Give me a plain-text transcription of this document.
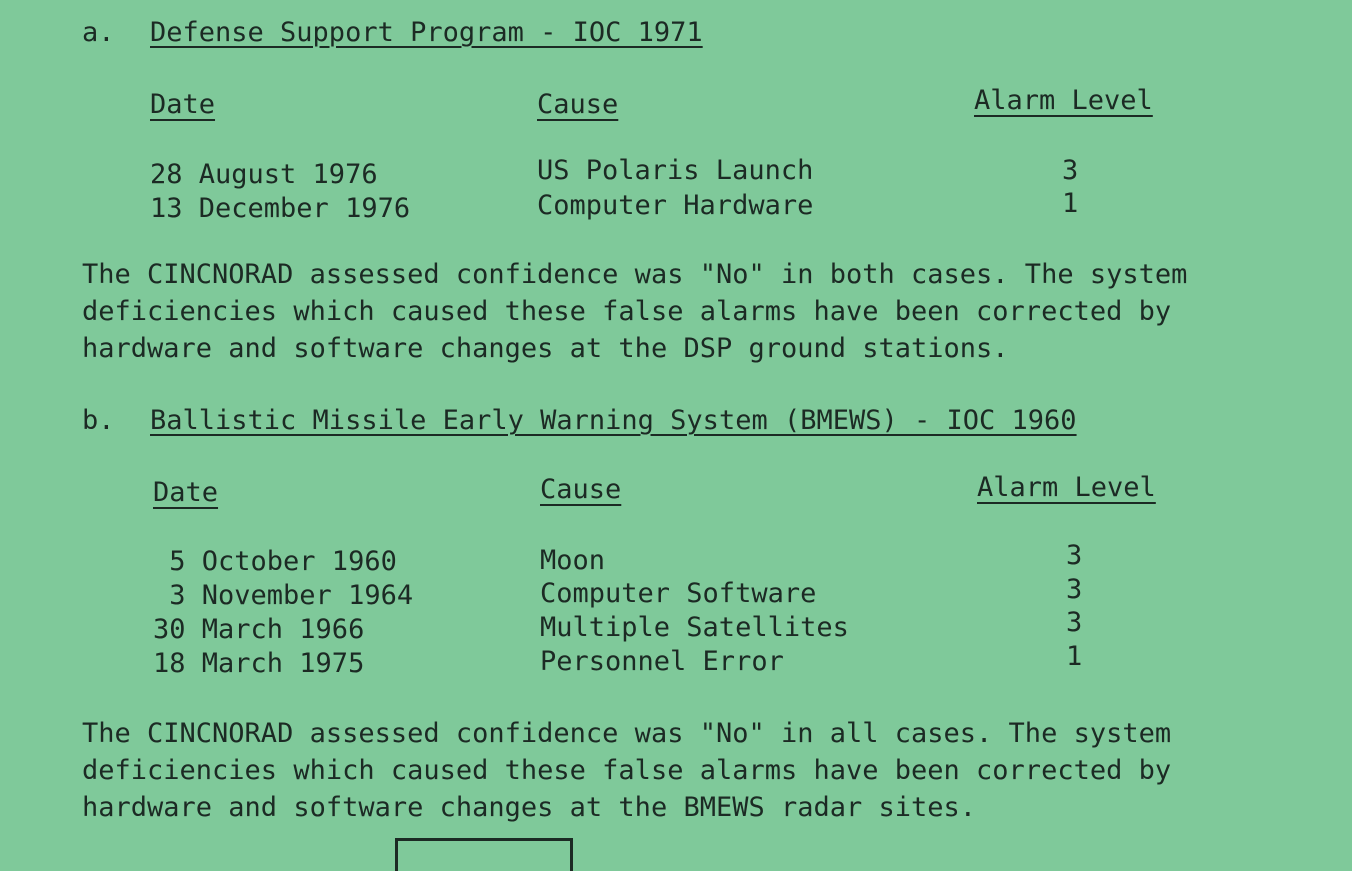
a. Defense Support Program - IOC 1971
Date	Cause	Alarm Level
28 August 1976	US Polaris Launch	3
13 December 1976	Computer Hardware	1
The CINCNORAD assessed confidence was "No" in both cases. The system
deficiencies which caused these false alarms have been corrected by
hardware and software changes at the DSP ground stations.
b. Ballistic Missile Early Warning System (BMEWS) - IOC 1960
Date	Cause	Alarm Level
5 October 1960	Moon	3
3 November 1964	Computer Software	3
30 March 1966	Multiple Satellites	3
18 March 1975	Personnel Error	1
The CINCNORAD assessed confidence was "No" in all cases. The system
deficiencies which caused these false alarms have been corrected by
hardware and software changes at the BMEWS radar sites.
